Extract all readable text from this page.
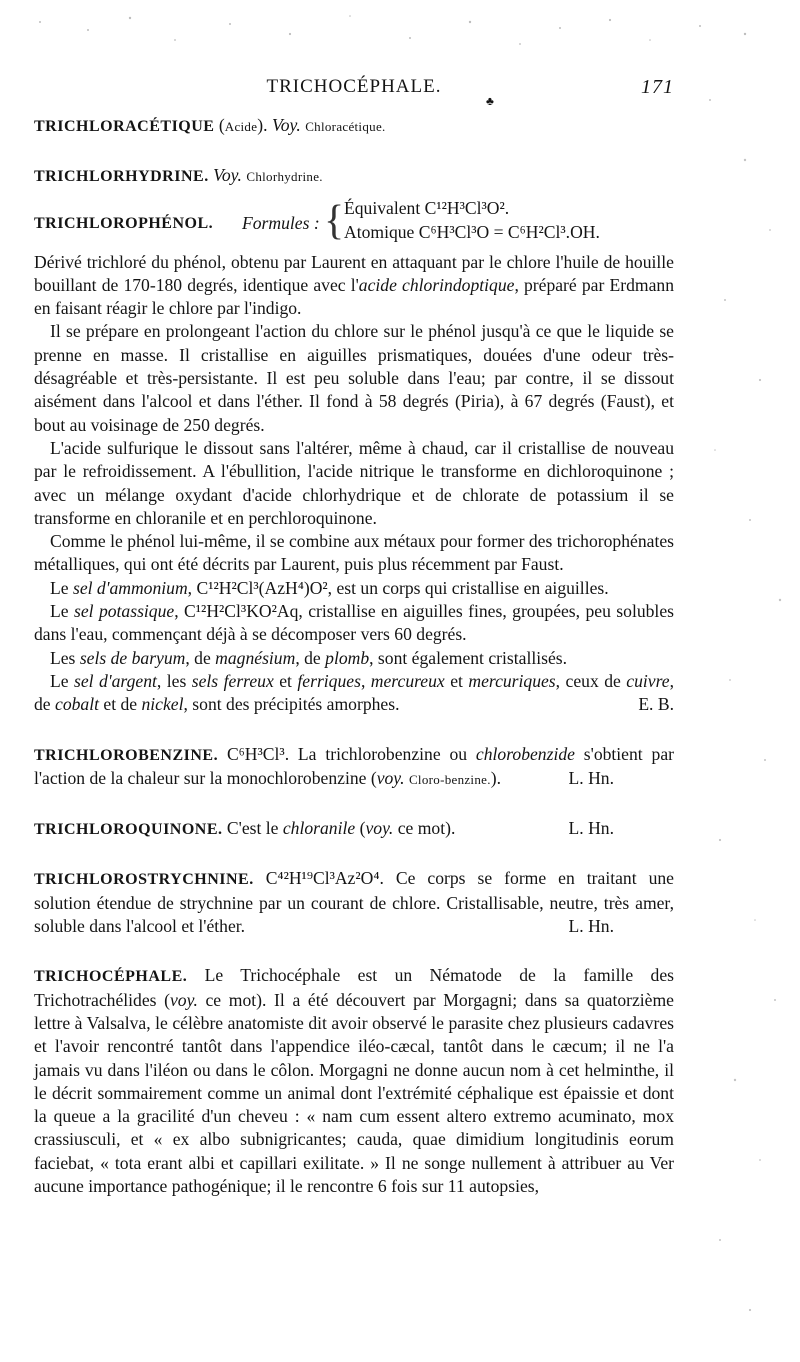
TRICHOCÉPHALE.
♣
171

TRICHLORACÉTIQUE (Acide). Voy. Chloracétique.

TRICHLORHYDRINE. Voy. Chlorhydrine.

TRICHLOROPHÉNOL. Formules : { Équivalent C¹²H³Cl³O².
Atomique C⁶H³Cl³O = C⁶H²Cl³.OH.

Dérivé trichloré du phénol, obtenu par Laurent en attaquant par le chlore l'huile de houille bouillant de 170-180 degrés, identique avec l'acide chlorindoptique, préparé par Erdmann en faisant réagir le chlore par l'indigo.

Il se prépare en prolongeant l'action du chlore sur le phénol jusqu'à ce que le liquide se prenne en masse. Il cristallise en aiguilles prismatiques, douées d'une odeur très-désagréable et très-persistante. Il est peu soluble dans l'eau; par contre, il se dissout aisément dans l'alcool et dans l'éther. Il fond à 58 degrés (Piria), à 67 degrés (Faust), et bout au voisinage de 250 degrés.

L'acide sulfurique le dissout sans l'altérer, même à chaud, car il cristallise de nouveau par le refroidissement. A l'ébullition, l'acide nitrique le transforme en dichloroquinone ; avec un mélange oxydant d'acide chlorhydrique et de chlorate de potassium il se transforme en chloranile et en perchloroquinone.

Comme le phénol lui-même, il se combine aux métaux pour former des trichorophénates métalliques, qui ont été décrits par Laurent, puis plus récemment par Faust.

Le sel d'ammonium, C¹²H²Cl³(AzH⁴)O², est un corps qui cristallise en aiguilles.

Le sel potassique, C¹²H²Cl³KO²Aq, cristallise en aiguilles fines, groupées, peu solubles dans l'eau, commençant déjà à se décomposer vers 60 degrés.

Les sels de baryum, de magnésium, de plomb, sont également cristallisés.

Le sel d'argent, les sels ferreux et ferriques, mercureux et mercuriques, ceux de cuivre, de cobalt et de nickel, sont des précipités amorphes.	E. B.

TRICHLOROBENZINE. C⁶H³Cl³. La trichlorobenzine ou chlorobenzide s'obtient par l'action de la chaleur sur la monochlorobenzine (voy. Cloro-benzine.).	L. Hn.

TRICHLOROQUINONE. C'est le chloranile (voy. ce mot).	L. Hn.

TRICHLOROSTRYCHNINE. C⁴²H¹⁹Cl³Az²O⁴. Ce corps se forme en traitant une solution étendue de strychnine par un courant de chlore. Cristallisable, neutre, très amer, soluble dans l'alcool et l'éther.	L. Hn.

TRICHOCÉPHALE. Le Trichocéphale est un Nématode de la famille des Trichotrachélides (voy. ce mot). Il a été découvert par Morgagni; dans sa quatorzième lettre à Valsalva, le célèbre anatomiste dit avoir observé le parasite chez plusieurs cadavres et l'avoir rencontré tantôt dans l'appendice iléo-cæcal, tantôt dans le cæcum; il ne l'a jamais vu dans l'iléon ou dans le côlon. Morgagni ne donne aucun nom à cet helminthe, il le décrit sommairement comme un animal dont l'extrémité céphalique est épaissie et dont la queue a la gracilité d'un cheveu : « nam cum essent altero extremo acuminato, mox crassiusculi, et « ex albo subnigricantes; cauda, quae dimidium longitudinis eorum faciebat, « tota erant albi et capillari exilitate. » Il ne songe nullement à attribuer au Ver aucune importance pathogénique; il le rencontre 6 fois sur 11 autopsies,
